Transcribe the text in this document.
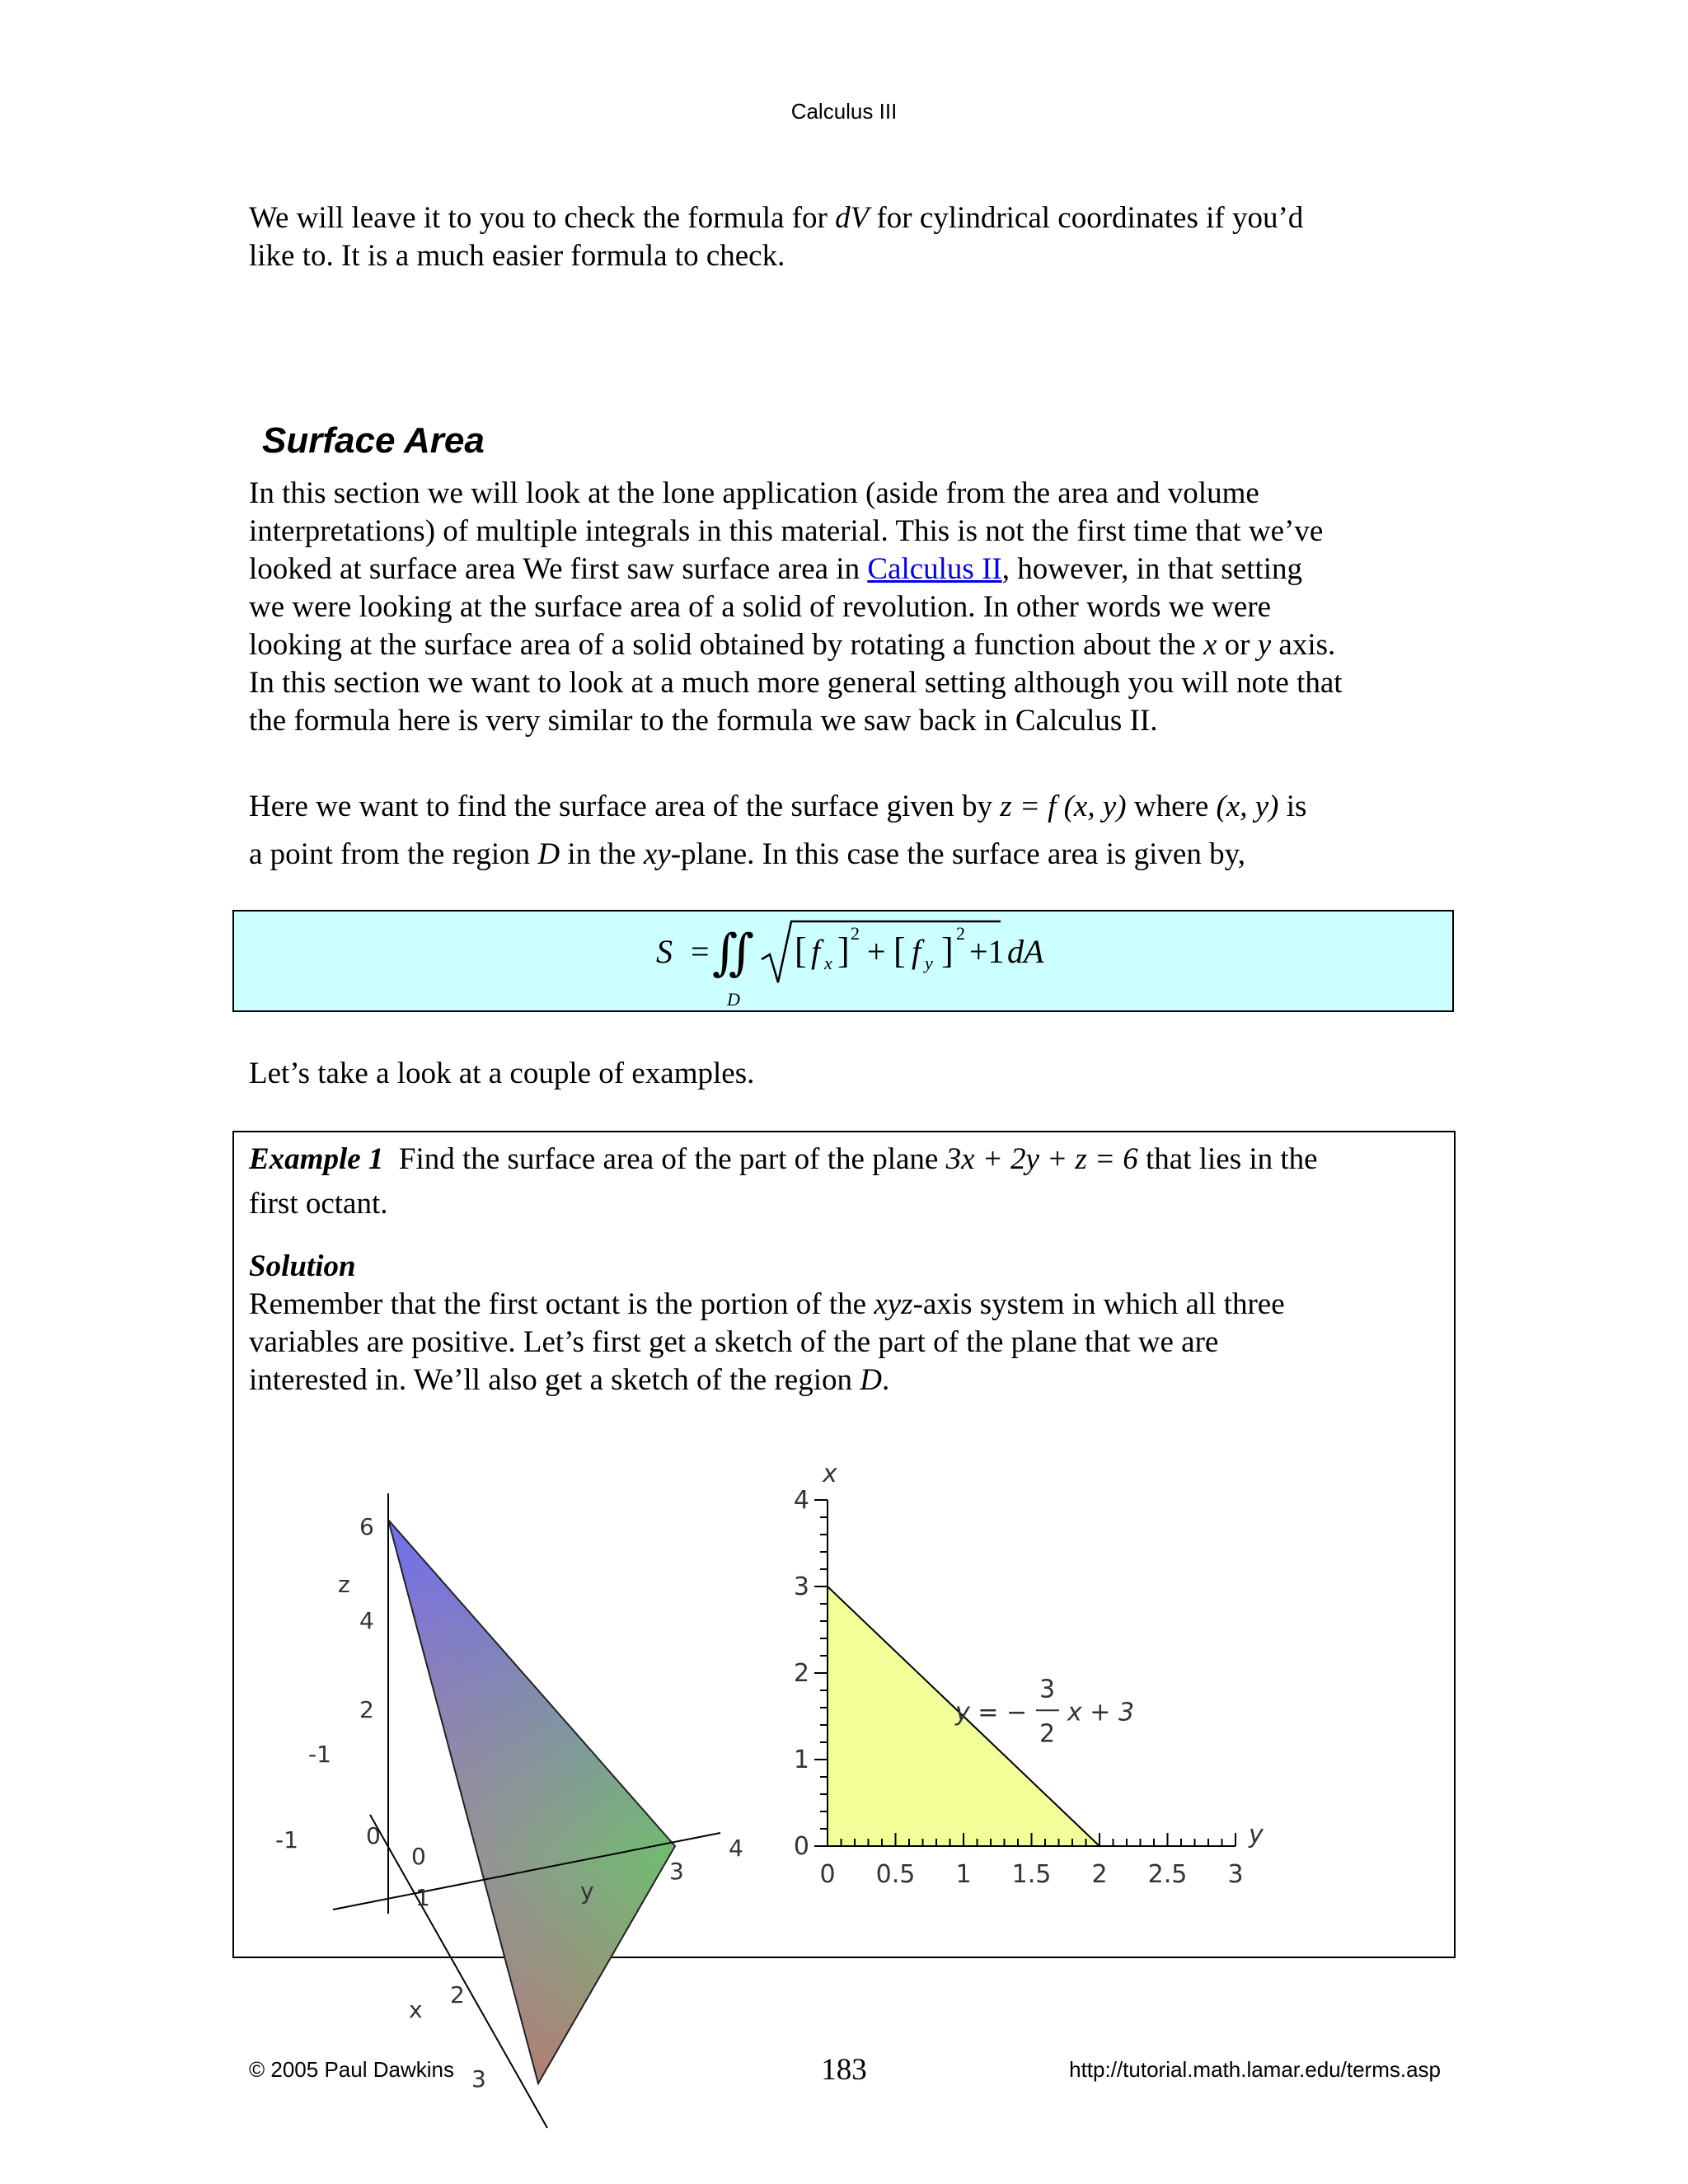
Calculus III

We will leave it to you to check the formula for dV for cylindrical coordinates if you’d

like to. It is a much easier formula to check.

Surface Area

In this section we will look at the lone application (aside from the area and volume

interpretations) of multiple integrals in this material. This is not the first time that we’ve

looked at surface area We first saw surface area in Calculus II, however, in that setting

we were looking at the surface area of a solid of revolution. In other words we were

looking at the surface area of a solid obtained by rotating a function about the x or y axis.

In this section we want to look at a much more general setting although you will note that

the formula here is very similar to the formula we saw back in Calculus II.

Here we want to find the surface area of the surface given by z = f (x, y) where (x, y) is

a point from the region D in the xy-plane. In this case the surface area is given by,

S = ∬
D
[ f x ] 2 + [ f y ] 2 +1 dA
Let’s take a look at a couple of examples.
Example 1  Find the surface area of the part of the plane 3x + 2y + z = 6 that lies in the
first octant.
Solution
Remember that the first octant is the portion of the xyz-axis system in which all three
variables are positive. Let’s first get a sketch of the part of the plane that we are
interested in. We’ll also get a sketch of the region D.
6
4
2
z
-1
-1	0
0
1
2
3
x
3
4
y
0 0.5 1 1.5 2 2.5 3
0
1
2
3
4
y = −
3
2
x + 3
y
x
© 2005 Paul Dawkins	183	http://tutorial.math.lamar.edu/terms.asp
